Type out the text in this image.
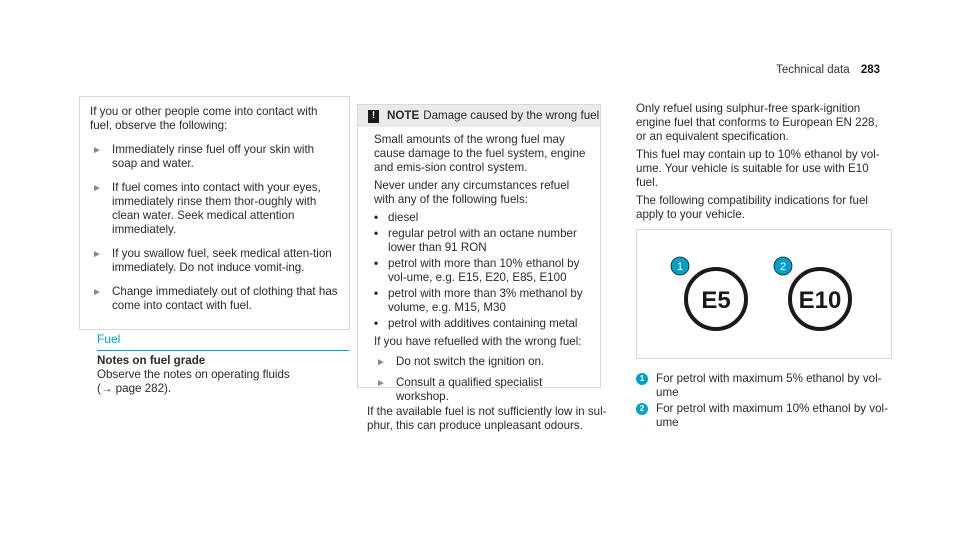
Technical data 283

If you or other people come into contact with fuel, observe the following:

► Immediately rinse fuel off your skin with soap and water.
► If fuel comes into contact with your eyes, immediately rinse them thor-oughly with clean water. Seek medical attention immediately.
► If you swallow fuel, seek medical atten-tion immediately. Do not induce vomit-ing.
► Change immediately out of clothing that has come into contact with fuel.
Fuel

Notes on fuel grade

Observe the notes on operating fluids

(→ page 282).

!	NOTE Damage caused by the wrong fuel

Small amounts of the wrong fuel may cause damage to the fuel system, engine and emis-sion control system.

Never under any circumstances refuel with any of the following fuels:

• diesel
• regular petrol with an octane number lower than 91 RON
• petrol with more than 10% ethanol by vol-ume, e.g. E15, E20, E85, E100
• petrol with more than 3% methanol by volume, e.g. M15, M30
• petrol with additives containing metal

If you have refuelled with the wrong fuel:

► Do not switch the ignition on.
► Consult a qualified specialist workshop.

If the available fuel is not sufficiently low in sul-phur, this can produce unpleasant odours.

Only refuel using sulphur-free spark-ignition engine fuel that conforms to European EN 228, or an equivalent specification.

This fuel may contain up to 10% ethanol by vol-ume. Your vehicle is suitable for use with E10 fuel.

The following compatibility indications for fuel apply to your vehicle.

E5	E10
1	2
1	For petrol with maximum 5% ethanol by vol-ume
2	For petrol with maximum 10% ethanol by vol-ume
